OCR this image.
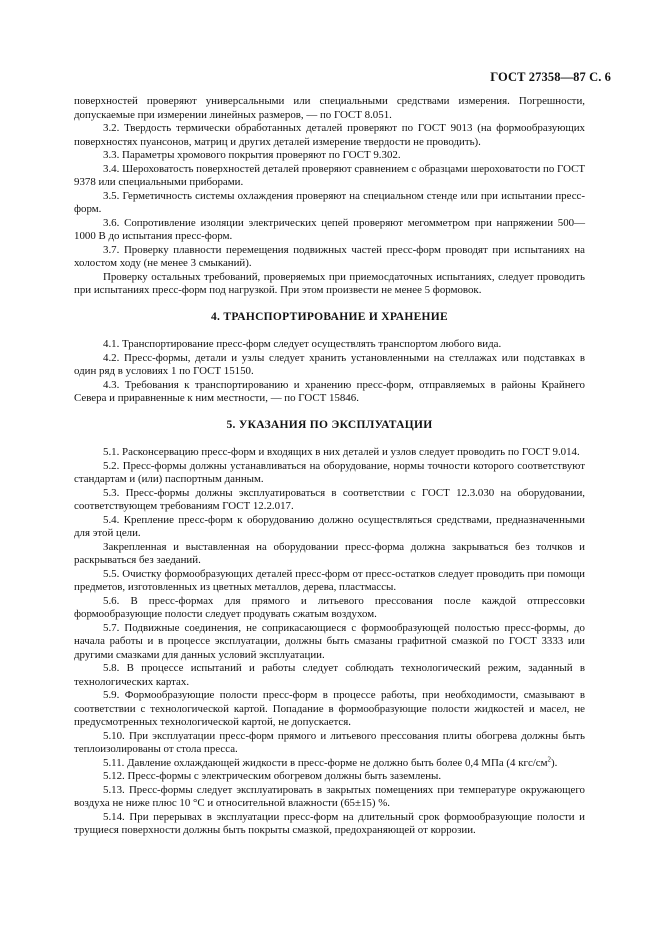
ГОСТ 27358—87 С. 6

поверхностей проверяют универсальными или специальными средствами измерения. Погрешности, допускаемые при измерении линейных размеров, — по ГОСТ 8.051.

3.2. Твердость термически обработанных деталей проверяют по ГОСТ 9013 (на формообразующих поверхностях пуансонов, матриц и других деталей измерение твердости не проводить).

3.3. Параметры хромового покрытия проверяют по ГОСТ 9.302.

3.4. Шероховатость поверхностей деталей проверяют сравнением с образцами шероховатости по ГОСТ 9378 или специальными приборами.

3.5. Герметичность системы охлаждения проверяют на специальном стенде или при испытании пресс-форм.

3.6. Сопротивление изоляции электрических цепей проверяют мегомметром при напряжении 500—1000 В до испытания пресс-форм.

3.7. Проверку плавности перемещения подвижных частей пресс-форм проводят при испытаниях на холостом ходу (не менее 3 смыканий).

Проверку остальных требований, проверяемых при приемосдаточных испытаниях, следует проводить при испытаниях пресс-форм под нагрузкой. При этом произвести не менее 5 формовок.

4. ТРАНСПОРТИРОВАНИЕ И ХРАНЕНИЕ

4.1. Транспортирование пресс-форм следует осуществлять транспортом любого вида.

4.2. Пресс-формы, детали и узлы следует хранить установленными на стеллажах или подставках в один ряд в условиях 1 по ГОСТ 15150.

4.3. Требования к транспортированию и хранению пресс-форм, отправляемых в районы Крайнего Севера и приравненные к ним местности, — по ГОСТ 15846.

5. УКАЗАНИЯ ПО ЭКСПЛУАТАЦИИ

5.1. Расконсервацию пресс-форм и входящих в них деталей и узлов следует проводить по ГОСТ 9.014.

5.2. Пресс-формы должны устанавливаться на оборудование, нормы точности которого соответствуют стандартам и (или) паспортным данным.

5.3. Пресс-формы должны эксплуатироваться в соответствии с ГОСТ 12.3.030 на оборудовании, соответствующем требованиям ГОСТ 12.2.017.

5.4. Крепление пресс-форм к оборудованию должно осуществляться средствами, предназначенными для этой цели.

Закрепленная и выставленная на оборудовании пресс-форма должна закрываться без толчков и раскрываться без заеданий.

5.5. Очистку формообразующих деталей пресс-форм от пресс-остатков следует проводить при помощи предметов, изготовленных из цветных металлов, дерева, пластмассы.

5.6. В пресс-формах для прямого и литьевого прессования после каждой отпрессовки формообразующие полости следует продувать сжатым воздухом.

5.7. Подвижные соединения, не соприкасающиеся с формообразующей полостью пресс-формы, до начала работы и в процессе эксплуатации, должны быть смазаны графитной смазкой по ГОСТ 3333 или другими смазками для данных условий эксплуатации.

5.8. В процессе испытаний и работы следует соблюдать технологический режим, заданный в технологических картах.

5.9. Формообразующие полости пресс-форм в процессе работы, при необходимости, смазывают в соответствии с технологической картой. Попадание в формообразующие полости жидкостей и масел, не предусмотренных технологической картой, не допускается.

5.10. При эксплуатации пресс-форм прямого и литьевого прессования плиты обогрева должны быть теплоизолированы от стола пресса.

5.11. Давление охлаждающей жидкости в пресс-форме не должно быть более 0,4 МПа (4 кгс/$см^2$).

5.12. Пресс-формы с электрическим обогревом должны быть заземлены.

5.13. Пресс-формы следует эксплуатировать в закрытых помещениях при температуре окружающего воздуха не ниже плюс 10 °С и относительной влажности (65±15) %.

5.14. При перерывах в эксплуатации пресс-форм на длительный срок формообразующие полости и трущиеся поверхности должны быть покрыты смазкой, предохраняющей от коррозии.
